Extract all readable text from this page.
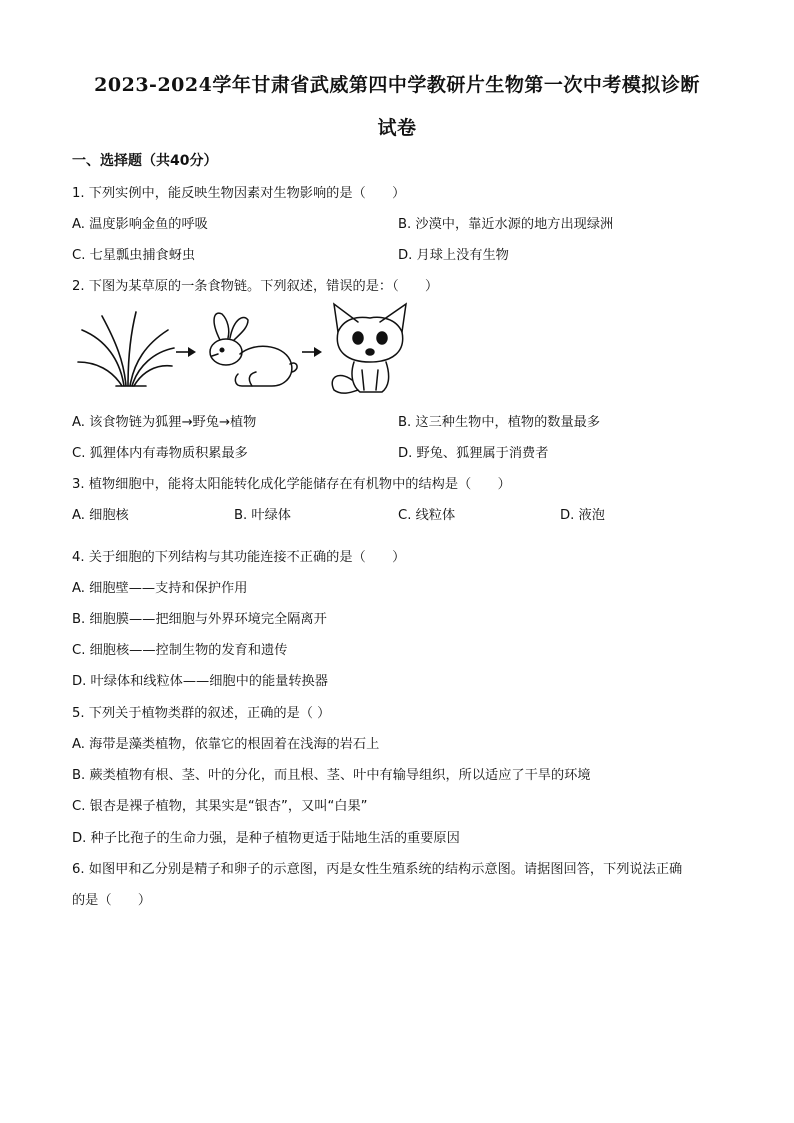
2023-2024学年甘肃省武威第四中学教研片生物第一次中考模拟诊断
试卷
一、选择题（共40分）
1. 下列实例中，能反映生物因素对生物影响的是（　　）
A. 温度影响金鱼的呼吸	B. 沙漠中，靠近水源的地方出现绿洲
C. 七星瓢虫捕食蚜虫	D. 月球上没有生物
2. 下图为某草原的一条食物链。下列叙述，错误的是：（　　）
A. 该食物链为狐狸→野兔→植物	B. 这三种生物中，植物的数量最多
C. 狐狸体内有毒物质积累最多	D. 野兔、狐狸属于消费者
3. 植物细胞中，能将太阳能转化成化学能储存在有机物中的结构是（　　）
A. 细胞核	B. 叶绿体	C. 线粒体	D. 液泡
4. 关于细胞的下列结构与其功能连接不正确的是（　　）
A. 细胞壁——支持和保护作用
B. 细胞膜——把细胞与外界环境完全隔离开
C. 细胞核——控制生物的发育和遗传
D. 叶绿体和线粒体——细胞中的能量转换器
5. 下列关于植物类群的叙述，正确的是（ ）
A. 海带是藻类植物，依靠它的根固着在浅海的岩石上
B. 蕨类植物有根、茎、叶的分化，而且根、茎、叶中有输导组织，所以适应了干旱的环境
C. 银杏是裸子植物，其果实是“银杏”，又叫“白果”
D. 种子比孢子的生命力强，是种子植物更适于陆地生活的重要原因
6. 如图甲和乙分别是精子和卵子的示意图，丙是女性生殖系统的结构示意图。请据图回答，下列说法正确
的是（　　）
